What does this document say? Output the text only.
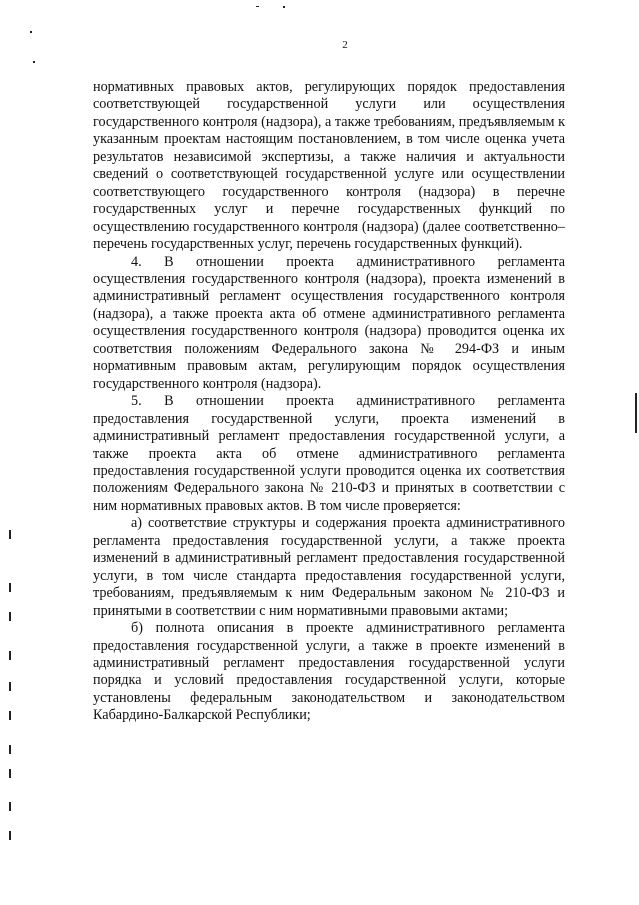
2

нормативных правовых актов, регулирующих порядок предоставления соответствующей государственной услуги или осуществления государственного контроля (надзора), а также требованиям, предъявляемым к указанным проектам настоящим постановлением, в том числе оценка учета результатов независимой экспертизы, а также наличия и актуальности сведений о соответствующей государственной услуге или осуществлении соответствующего государственного контроля (надзора) в перечне государственных услуг и перечне государственных функций по осуществлению государственного контроля (надзора) (далее соответственно– перечень государственных услуг, перечень государственных функций).

4. В отношении проекта административного регламента осуществления государственного контроля (надзора), проекта изменений в административный регламент осуществления государственного контроля (надзора), а также проекта акта об отмене административного регламента осуществления государственного контроля (надзора) проводится оценка их соответствия положениям Федерального закона № 294-ФЗ и иным нормативным правовым актам, регулирующим порядок осуществления государственного контроля (надзора).

5. В отношении проекта административного регламента предоставления государственной услуги, проекта изменений в административный регламент предоставления государственной услуги, а также проекта акта об отмене административного регламента предоставления государственной услуги проводится оценка их соответствия положениям Федерального закона № 210-ФЗ и принятых в соответствии с ним нормативных правовых актов. В том числе проверяется:

а) соответствие структуры и содержания проекта административного регламента предоставления государственной услуги, а также проекта изменений в административный регламент предоставления государственной услуги, в том числе стандарта предоставления государственной услуги, требованиям, предъявляемым к ним Федеральным законом № 210-ФЗ и принятыми в соответствии с ним нормативными правовыми актами;

б) полнота описания в проекте административного регламента предоставления государственной услуги, а также в проекте изменений в административный регламент предоставления государственной услуги порядка и условий предоставления государственной услуги, которые установлены федеральным законодательством и законодательством Кабардино-Балкарской Республики;
